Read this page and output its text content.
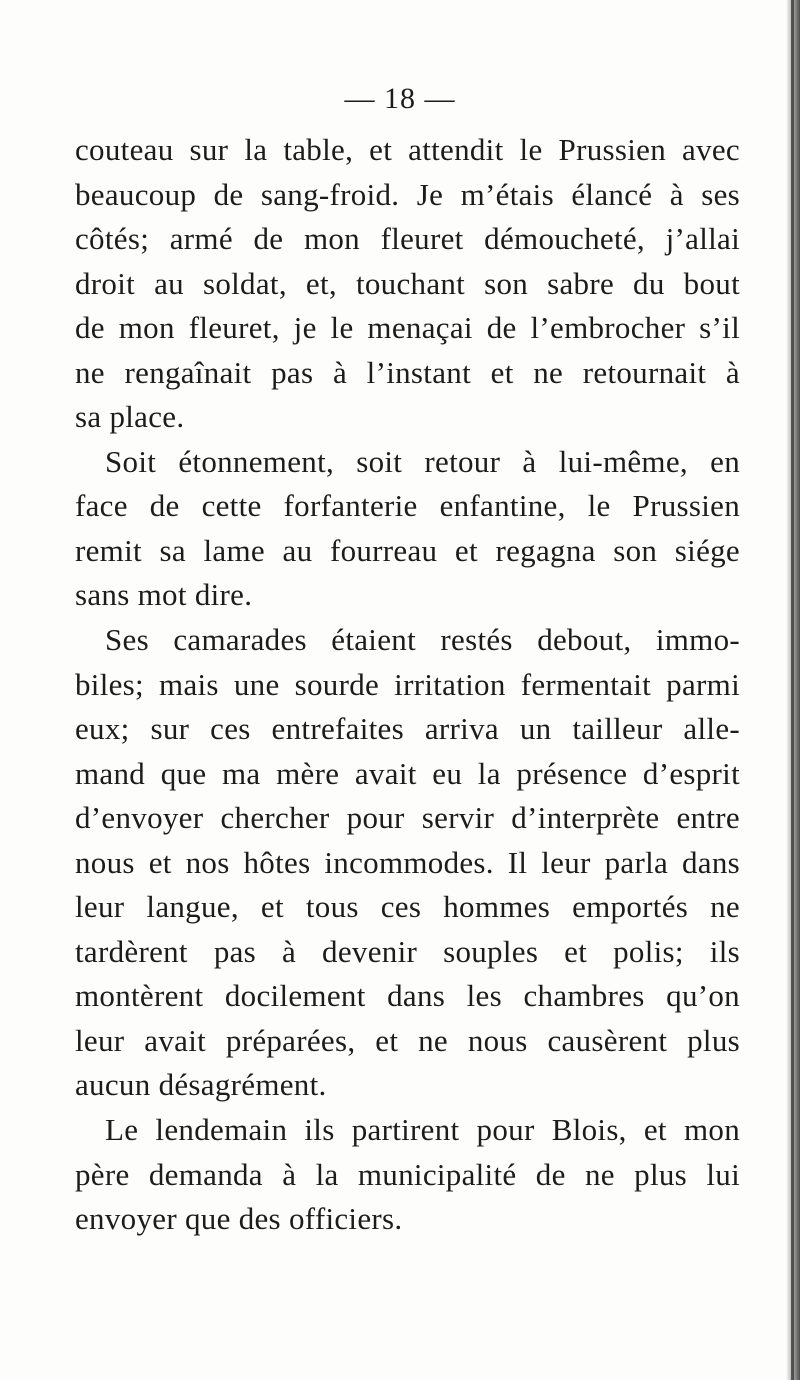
— 18 —
couteau sur la table, et attendit le Prussien avec
beaucoup de sang-froid. Je m’étais élancé à ses
côtés; armé de mon fleuret démoucheté, j’allai
droit au soldat, et, touchant son sabre du bout
de mon fleuret, je le menaçai de l’embrocher s’il
ne rengaînait pas à l’instant et ne retournait à
sa place.
Soit étonnement, soit retour à lui-même, en
face de cette forfanterie enfantine, le Prussien
remit sa lame au fourreau et regagna son siége
sans mot dire.
Ses camarades étaient restés debout, immo-
biles; mais une sourde irritation fermentait parmi
eux; sur ces entrefaites arriva un tailleur alle-
mand que ma mère avait eu la présence d’esprit
d’envoyer chercher pour servir d’interprète entre
nous et nos hôtes incommodes. Il leur parla dans
leur langue, et tous ces hommes emportés ne
tardèrent pas à devenir souples et polis; ils
montèrent docilement dans les chambres qu’on
leur avait préparées, et ne nous causèrent plus
aucun désagrément.
Le lendemain ils partirent pour Blois, et mon
père demanda à la municipalité de ne plus lui
envoyer que des officiers.
